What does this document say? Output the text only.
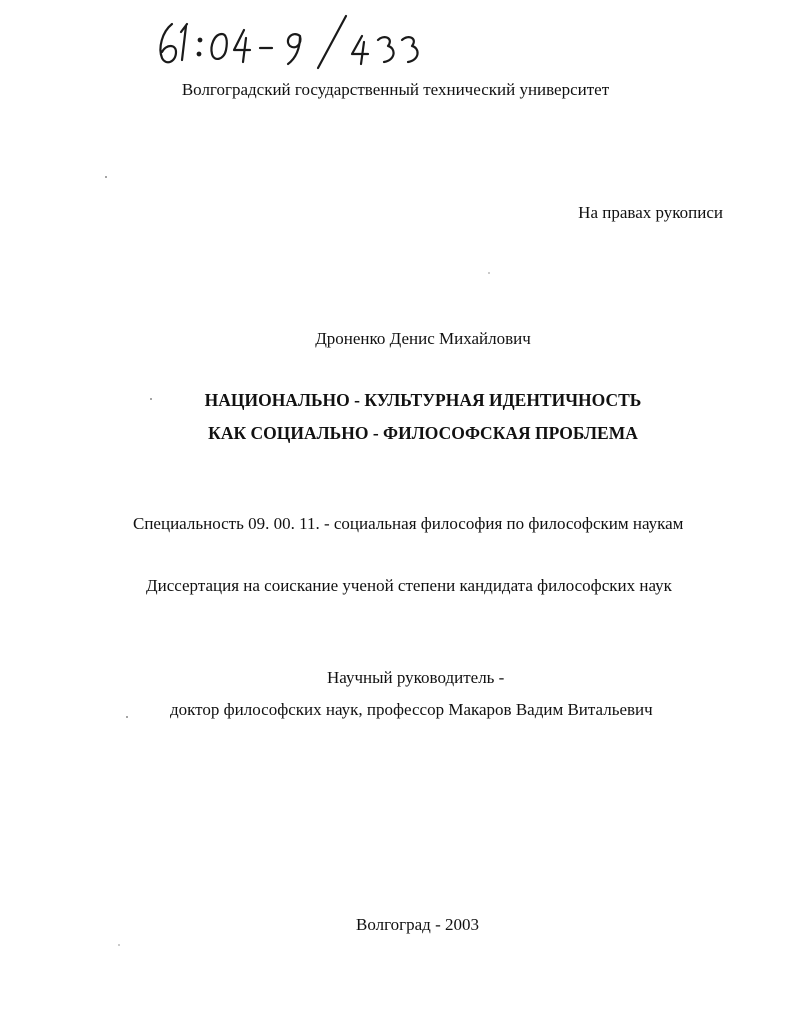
Волгоградский государственный технический университет
На правах рукописи
Дроненко Денис Михайлович
НАЦИОНАЛЬНО - КУЛЬТУРНАЯ ИДЕНТИЧНОСТЬ
КАК СОЦИАЛЬНО - ФИЛОСОФСКАЯ ПРОБЛЕМА
Специальность 09. 00. 11. - социальная философия по философским наукам
Диссертация на соискание ученой степени кандидата философских наук
Научный руководитель -
доктор философских наук, профессор Макаров Вадим Витальевич
Волгоград - 2003
